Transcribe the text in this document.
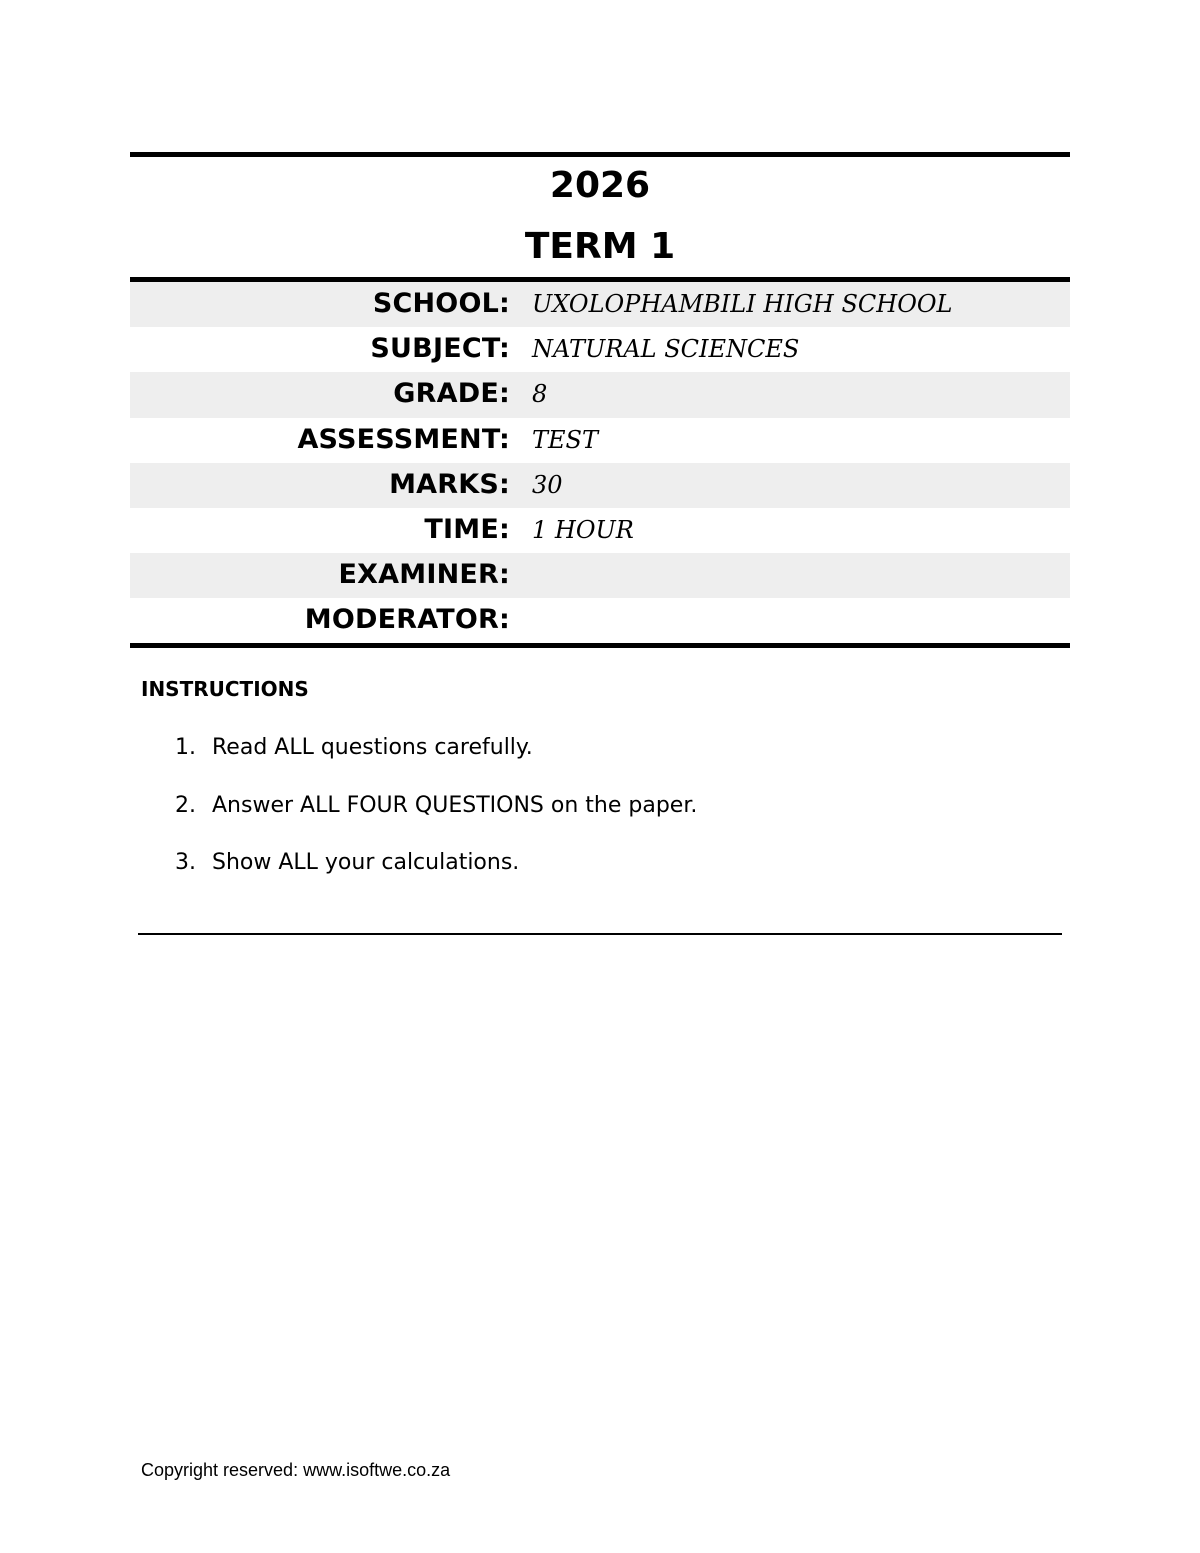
2026
TERM 1
SCHOOL: UXOLOPHAMBILI HIGH SCHOOL
SUBJECT: NATURAL SCIENCES
GRADE: 8
ASSESSMENT: TEST
MARKS: 30
TIME: 1 HOUR
EXAMINER:
MODERATOR:
INSTRUCTIONS
1. Read ALL questions carefully.
2. Answer ALL FOUR QUESTIONS on the paper.
3. Show ALL your calculations.
Copyright reserved: www.isoftwe.co.za
